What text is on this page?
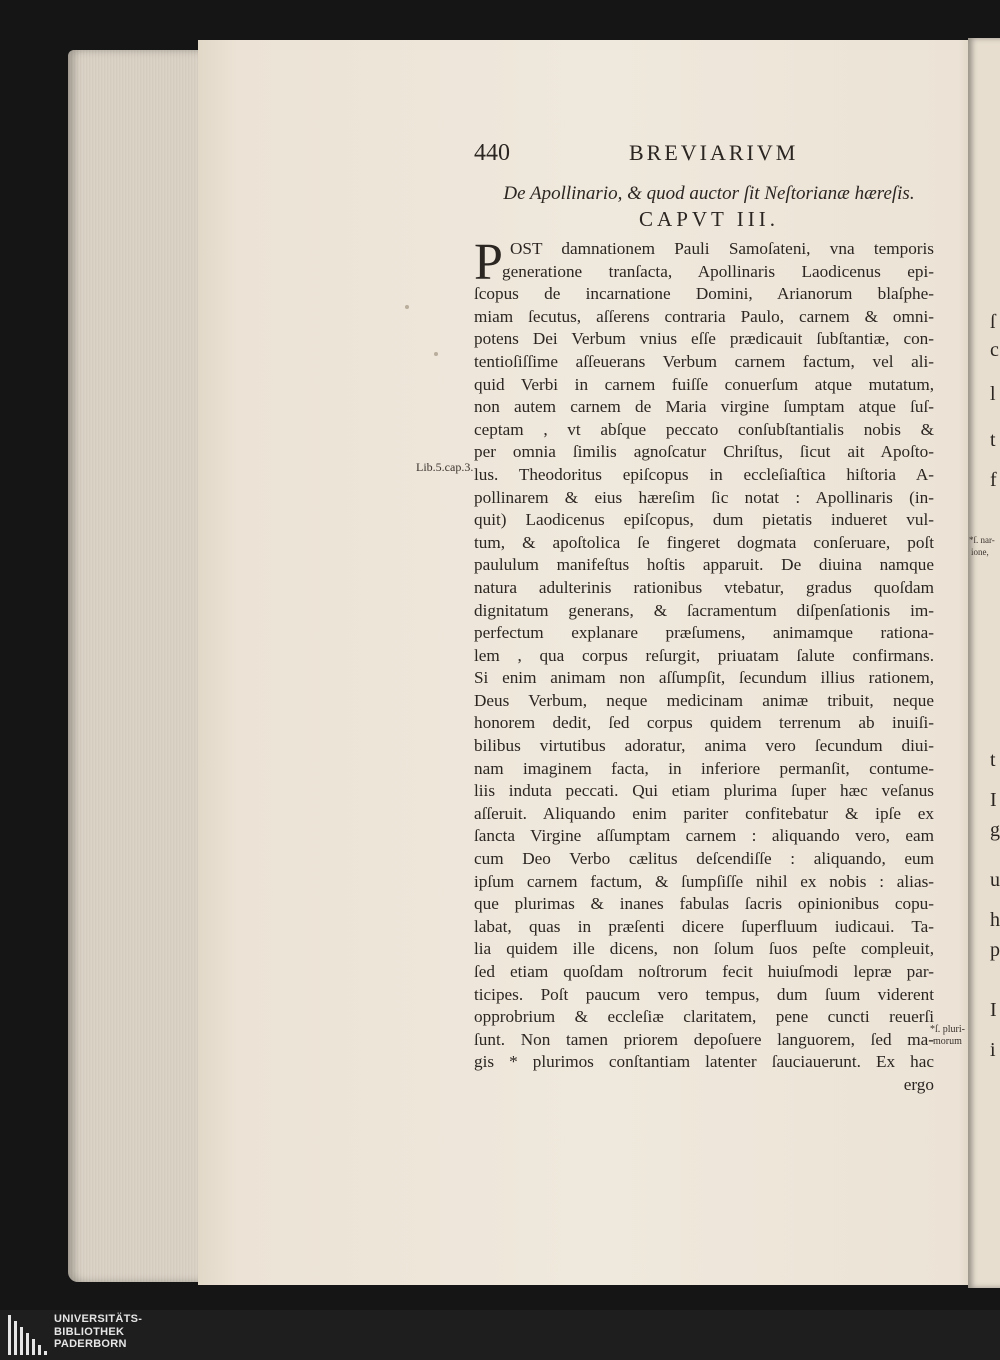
ſ
c
l
t
f
t
I
g
u
h
p
I
i
440	BREVIARIVM
De Apollinario, & quod auctor ſit Neſtorianæ hæreſis.
CAPVT III.
P OST damnationem Pauli Samoſateni, vna temporis
generatione tranſacta, Apollinaris Laodicenus epi-
ſcopus de incarnatione Domini, Arianorum blaſphe-
miam ſecutus, aſſerens contraria Paulo, carnem & omni-
potens Dei Verbum vnius eſſe prædicauit ſubſtantiæ, con-
tentioſiſſime aſſeuerans Verbum carnem factum, vel ali-
quid Verbi in carnem fuiſſe conuerſum atque mutatum,
non autem carnem de Maria virgine ſumptam atque ſuſ-
ceptam , vt abſque peccato conſubſtantialis nobis &
per omnia ſimilis agnoſcatur Chriſtus, ſicut ait Apoſto-
lus. Theodoritus epiſcopus in eccleſiaſtica hiſtoria A-
pollinarem & eius hæreſim ſic notat : Apollinaris (in-
quit) Laodicenus epiſcopus, dum pietatis indueret vul-
tum, & apoſtolica ſe fingeret dogmata conſeruare, poſt
paululum manifeſtus hoſtis apparuit. De diuina namque
natura adulterinis rationibus vtebatur, gradus quoſdam
dignitatum generans, & ſacramentum diſpenſationis im-
perfectum explanare præſumens, animamque rationa-
lem , qua corpus reſurgit, priuatam ſalute confirmans.
Si enim animam non aſſumpſit, ſecundum illius rationem,
Deus Verbum, neque medicinam animæ tribuit, neque
honorem dedit, ſed corpus quidem terrenum ab inuiſi-
bilibus virtutibus adoratur, anima vero ſecundum diui-
nam imaginem facta, in inferiore permanſit, contume-
liis induta peccati. Qui etiam plurima ſuper hæc veſanus
aſſeruit. Aliquando enim pariter confitebatur & ipſe ex
ſancta Virgine aſſumptam carnem : aliquando vero, eam
cum Deo Verbo cælitus deſcendiſſe : aliquando, eum
ipſum carnem factum, & ſumpſiſſe nihil ex nobis : alias-
que plurimas & inanes fabulas ſacris opinionibus copu-
labat, quas in præſenti dicere ſuperfluum iudicaui. Ta-
lia quidem ille dicens, non ſolum ſuos peſte compleuit,
ſed etiam quoſdam noſtrorum fecit huiuſmodi lepræ par-
ticipes. Poſt paucum vero tempus, dum ſuum viderent
opprobrium & eccleſiæ claritatem, pene cuncti reuerſi
ſunt. Non tamen priorem depoſuere languorem, ſed ma-
gis * plurimos conſtantiam latenter ſauciauerunt. Ex hac
ergo
Lib.5.cap.3.
*ſ. pluri-
morum
*ſ. nar-
ione,
UNIVERSITÄTS-
BIBLIOTHEK
PADERBORN
